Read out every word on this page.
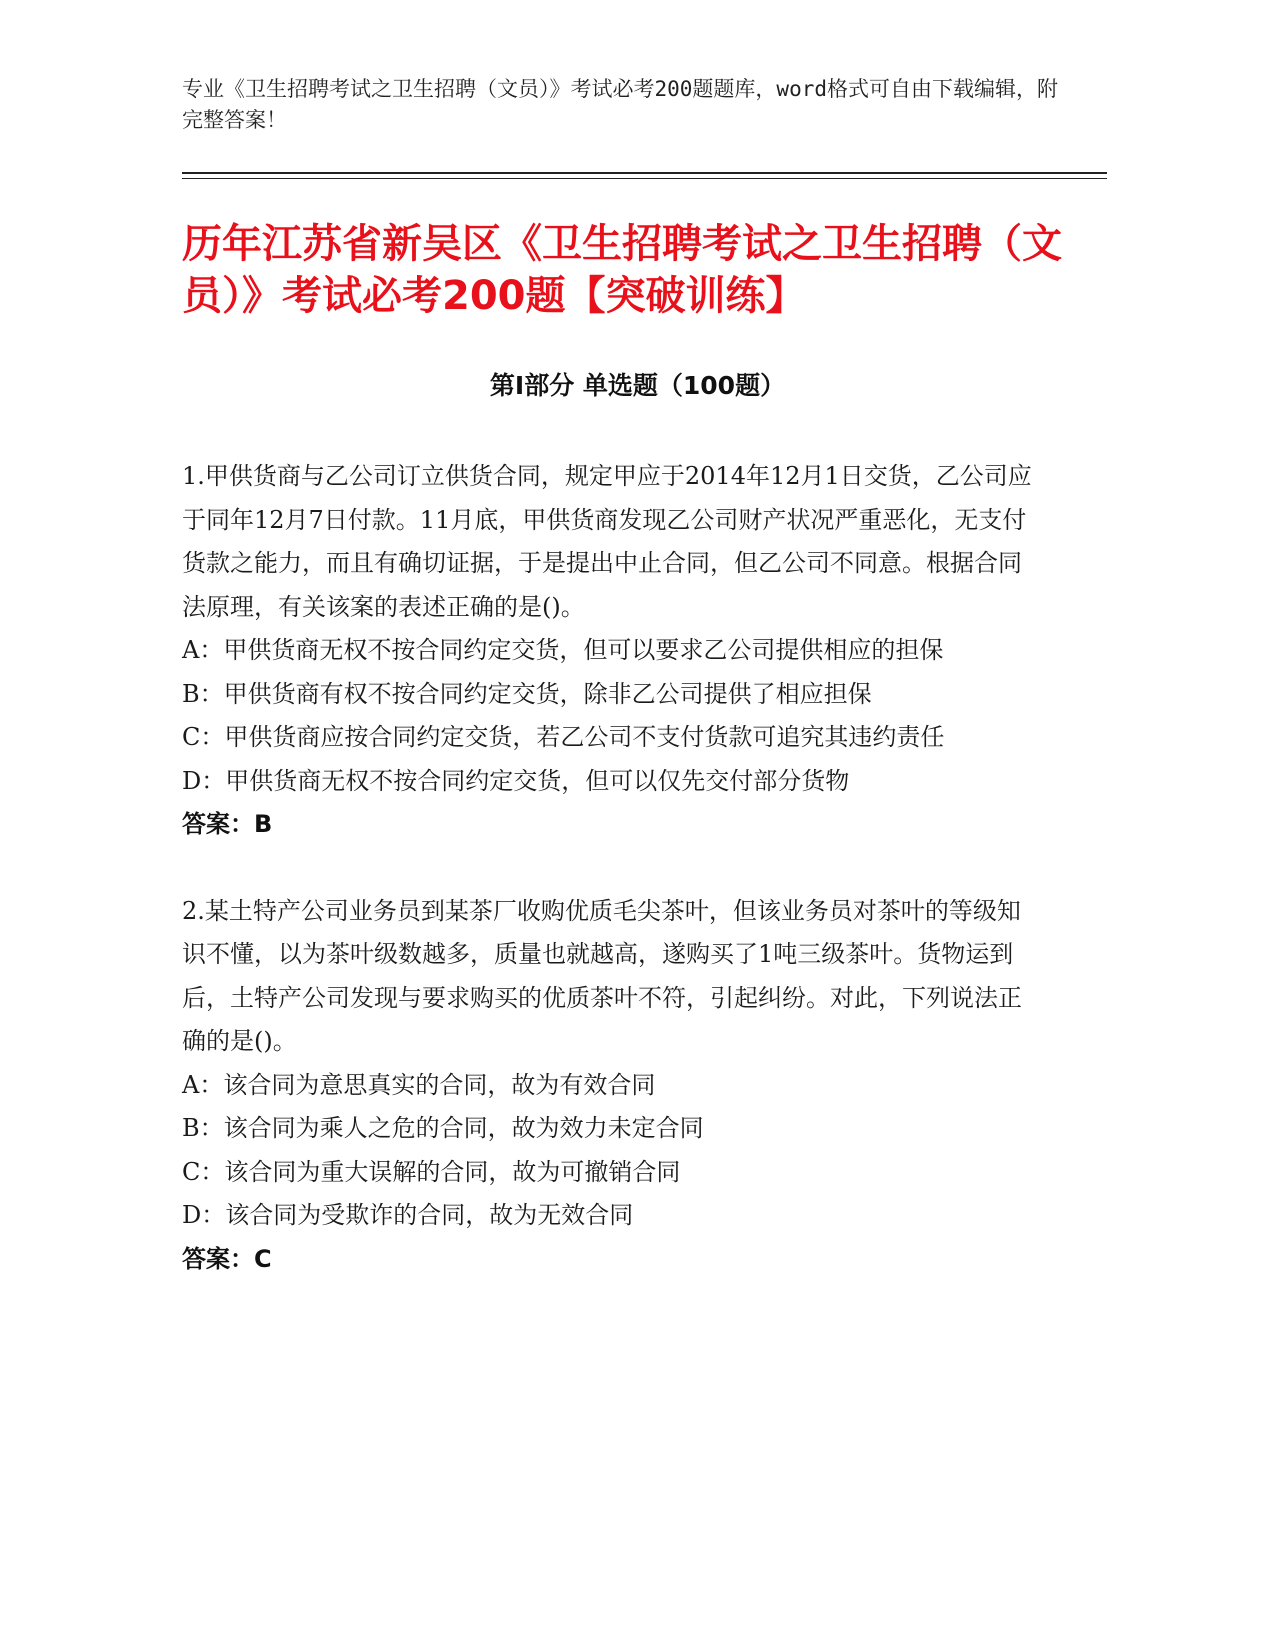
专业《卫生招聘考试之卫生招聘（文员）》考试必考200题题库，word格式可自由下载编辑，附完整答案！
历年江苏省新吴区《卫生招聘考试之卫生招聘（文员）》考试必考200题【突破训练】
第Ⅰ部分 单选题（100题）

1.甲供货商与乙公司订立供货合同，规定甲应于2014年12月1日交货，乙公司应于同年12月7日付款。11月底，甲供货商发现乙公司财产状况严重恶化，无支付货款之能力，而且有确切证据，于是提出中止合同，但乙公司不同意。根据合同法原理，有关该案的表述正确的是()。

A：甲供货商无权不按合同约定交货，但可以要求乙公司提供相应的担保

B：甲供货商有权不按合同约定交货，除非乙公司提供了相应担保

C：甲供货商应按合同约定交货，若乙公司不支付货款可追究其违约责任

D：甲供货商无权不按合同约定交货，但可以仅先交付部分货物

答案：B

2.某土特产公司业务员到某茶厂收购优质毛尖茶叶，但该业务员对茶叶的等级知识不懂，以为茶叶级数越多，质量也就越高，遂购买了1吨三级茶叶。货物运到后，土特产公司发现与要求购买的优质茶叶不符，引起纠纷。对此，下列说法正确的是()。

A：该合同为意思真实的合同，故为有效合同

B：该合同为乘人之危的合同，故为效力未定合同

C：该合同为重大误解的合同，故为可撤销合同

D：该合同为受欺诈的合同，故为无效合同

答案：C
